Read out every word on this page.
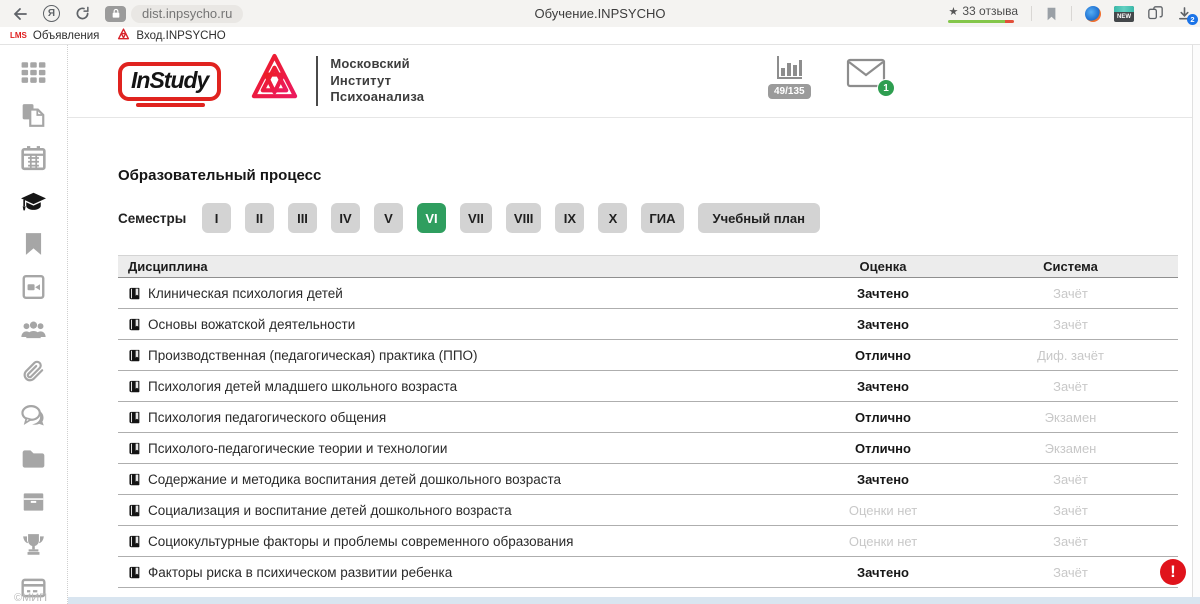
Я	dist.inpsycho.ru	Обучение.INPSYCHO	★ 33 отзыва	NEW	2
LMS Объявления	Вход.INPSYCHO
©МИП
InStudy
Московский
Институт
Психоанализа	49/135	1
Образовательный процесс
Семестры	I	II	III	IV	V	VI	VII	VIII	IX	X	ГИА	Учебный план
Дисциплина	Оценка	Система
Клиническая психология детей	Зачтено	Зачёт
Основы вожатской деятельности	Зачтено	Зачёт
Производственная (педагогическая) практика (ППО)	Отлично	Диф. зачёт
Психология детей младшего школьного возраста	Зачтено	Зачёт
Психология педагогического общения	Отлично	Экзамен
Психолого-педагогические теории и технологии	Отлично	Экзамен
Содержание и методика воспитания детей дошкольного возраста	Зачтено	Зачёт
Социализация и воспитание детей дошкольного возраста	Оценки нет	Зачёт
Социокультурные факторы и проблемы современного образования	Оценки нет	Зачёт
Факторы риска в психическом развитии ребенка	Зачтено	Зачёт	!
